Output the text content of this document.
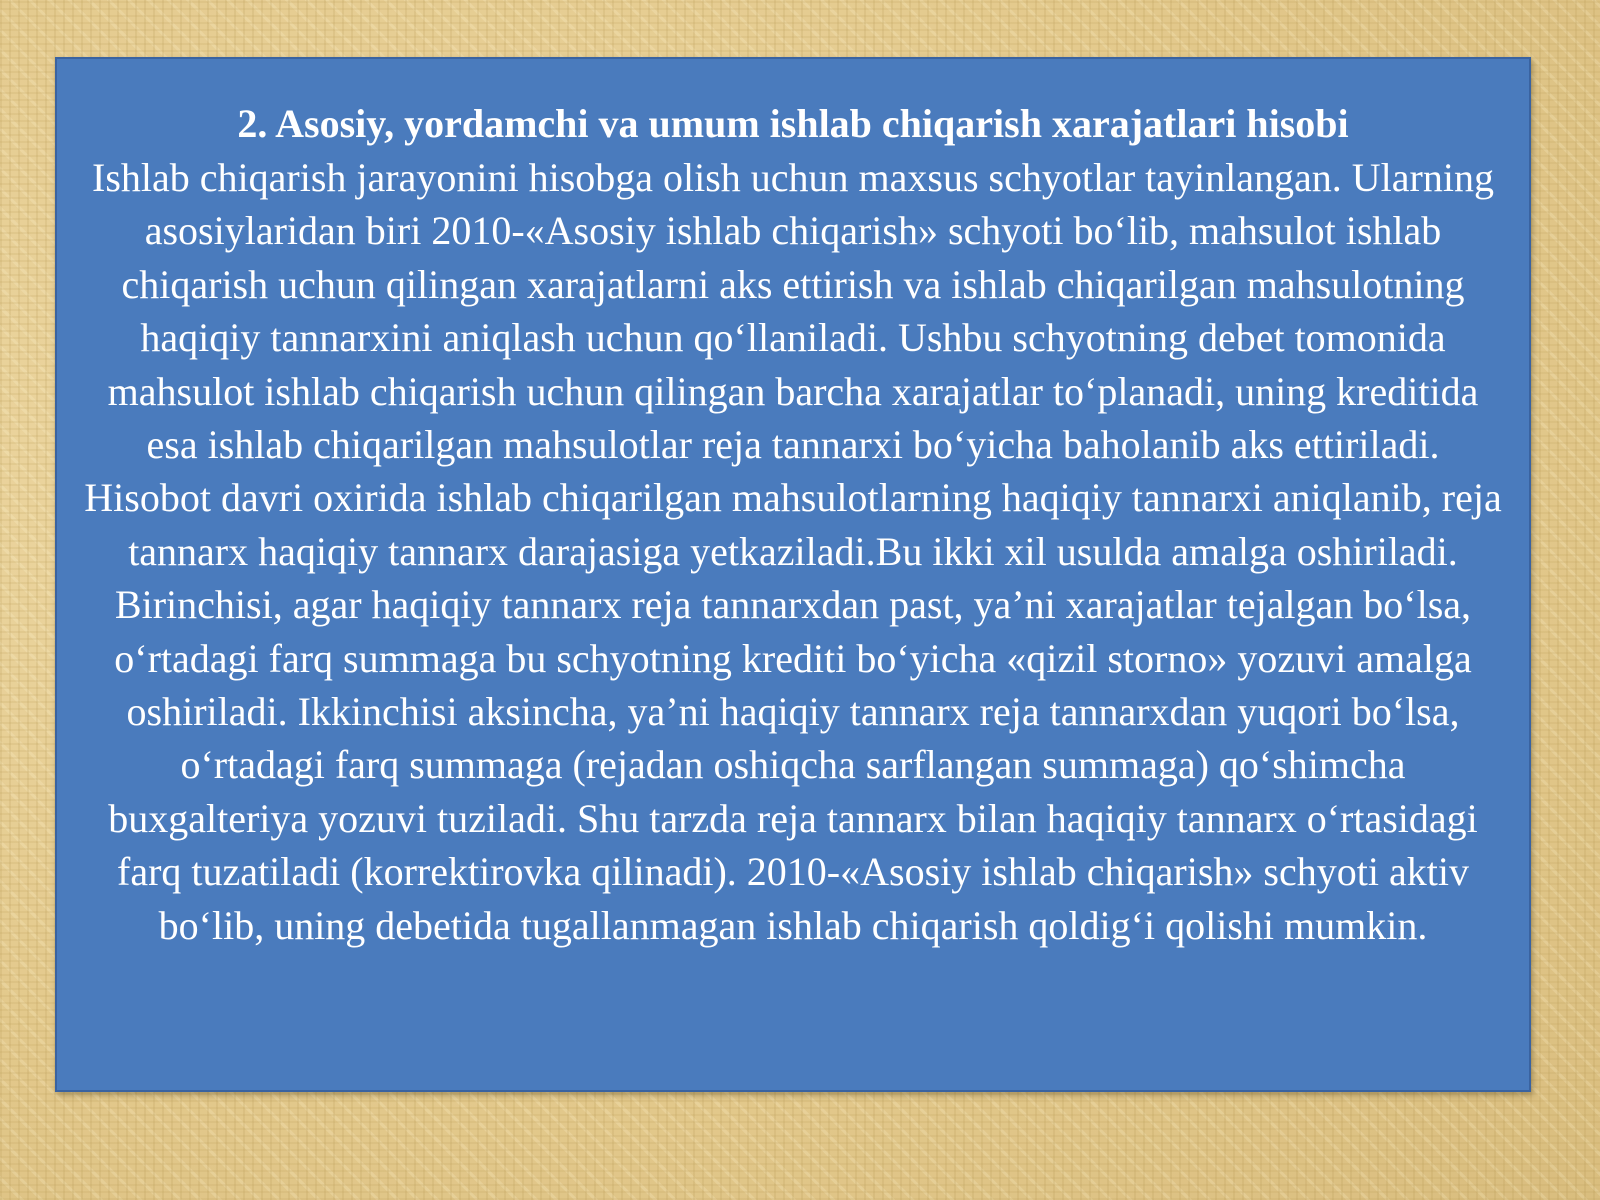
2. Asosiy, yordamchi va umum ishlab chiqarish xarajatlari hisobi

Ishlab chiqarish jarayonini hisobga olish uchun maxsus schyotlar tayinlangan. Ularning asosiylaridan biri 2010-«Asosiy ishlab chiqarish» schyoti bo‘lib, mahsulot ishlab chiqarish uchun qilingan xarajatlarni aks ettirish va ishlab chiqarilgan mahsulotning haqiqiy tannarxini aniqlash uchun qo‘llaniladi. Ushbu schyotning debet tomonida mahsulot ishlab chiqarish uchun qilingan barcha xarajatlar to‘planadi, uning kreditida esa ishlab chiqarilgan mahsulotlar reja tannarxi bo‘yicha baholanib aks ettiriladi. Hisobot davri oxirida ishlab chiqarilgan mahsulotlarning haqiqiy tannarxi aniqlanib, reja tannarx haqiqiy tannarx darajasiga yetkaziladi.Bu ikki xil usulda amalga oshiriladi. Birinchisi, agar haqiqiy tannarx reja tannarxdan past, ya’ni xarajatlar tejalgan bo‘lsa, o‘rtadagi farq summaga bu schyotning krediti bo‘yicha «qizil storno» yozuvi amalga oshiriladi. Ikkinchisi aksincha, ya’ni haqiqiy tannarx reja tannarxdan yuqori bo‘lsa, o‘rtadagi farq summaga (rejadan oshiqcha sarflangan summaga) qo‘shimcha buxgalteriya yozuvi tuziladi. Shu tarzda reja tannarx bilan haqiqiy tannarx o‘rtasidagi farq tuzatiladi (korrektirovka qilinadi). 2010-«Asosiy ishlab chiqarish» schyoti aktiv bo‘lib, uning debetida tugallanmagan ishlab chiqarish qoldig‘i qolishi mumkin.
